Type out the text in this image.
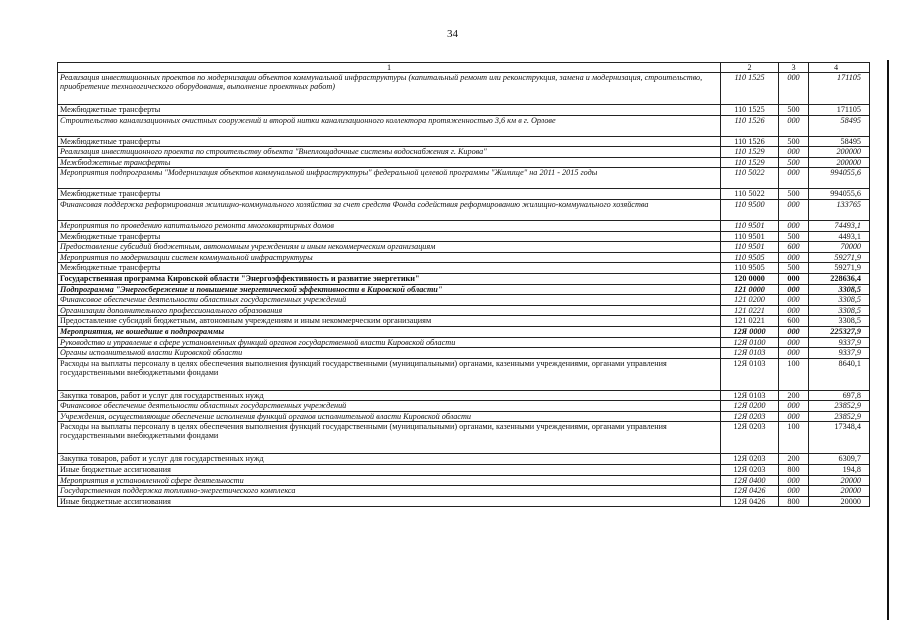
34
1	2	3	4
Реализация инвестиционных проектов по модернизации объектов коммунальной инфраструктуры (капитальный ремонт или реконструкция, замена и модернизация, строительство, приобретение технологического оборудования, выполнение проектных работ)	110 1525	000	171105
Межбюджетные трансферты	110 1525	500	171105
Строительство канализационных очистных сооружений и второй нитки канализационного коллектора протяженностью 3,6 км в г. Орлове	110 1526	000	58495
Межбюджетные трансферты	110 1526	500	58495
Реализация инвестиционного проекта по строительству объекта "Внеплощадочные системы водоснабжения г. Кирова"	110 1529	000	200000
Межбюджетные трансферты	110 1529	500	200000
Мероприятия подпрограммы "Модернизация объектов коммунальной инфраструктуры" федеральной целевой программы "Жилище" на 2011 - 2015 годы	110 5022	000	994055,6
Межбюджетные трансферты	110 5022	500	994055,6
Финансовая поддержка реформирования жилищно-коммунального хозяйства за счет средств Фонда содействия реформированию жилищно-коммунального хозяйства	110 9500	000	133765
Мероприятия по проведению капитального ремонта многоквартирных домов	110 9501	000	74493,1
Межбюджетные трансферты	110 9501	500	4493,1
Предоставление субсидий бюджетным, автономным учреждениям и иным некоммерческим организациям	110 9501	600	70000
Мероприятия по модернизации систем коммунальной инфраструктуры	110 9505	000	59271,9
Межбюджетные трансферты	110 9505	500	59271,9
Государственная программа Кировской области "Энергоэффективность и развитие энергетики"	120 0000	000	228636,4
Подпрограмма "Энергосбережение и повышение энергетической эффективности в Кировской области"	121 0000	000	3308,5
Финансовое обеспечение деятельности областных государственных учреждений	121 0200	000	3308,5
Организации дополнительного профессионального образования	121 0221	000	3308,5
Предоставление субсидий бюджетным, автономным учреждениям и иным некоммерческим организациям	121 0221	600	3308,5
Мероприятия, не вошедшие в подпрограммы	12Я 0000	000	225327,9
Руководство и управление в сфере установленных функций органов государственной власти Кировской области	12Я 0100	000	9337,9
Органы исполнительной власти Кировской области	12Я 0103	000	9337,9
Расходы на выплаты персоналу в целях обеспечения выполнения функций государственными (муниципальными) органами, казенными учреждениями, органами управления государственными внебюджетными фондами	12Я 0103	100	8640,1
Закупка товаров, работ и услуг для государственных нужд	12Я 0103	200	697,8
Финансовое обеспечение деятельности областных государственных учреждений	12Я 0200	000	23852,9
Учреждения, осуществляющие обеспечение исполнения функций органов исполнительной власти Кировской области	12Я 0203	000	23852,9
Расходы на выплаты персоналу в целях обеспечения выполнения функций государственными (муниципальными) органами, казенными учреждениями, органами управления государственными внебюджетными фондами	12Я 0203	100	17348,4
Закупка товаров, работ и услуг для государственных нужд	12Я 0203	200	6309,7
Иные бюджетные ассигнования	12Я 0203	800	194,8
Мероприятия в установленной сфере деятельности	12Я 0400	000	20000
Государственная поддержка топливно-энергетического комплекса	12Я 0426	000	20000
Иные бюджетные ассигнования	12Я 0426	800	20000
